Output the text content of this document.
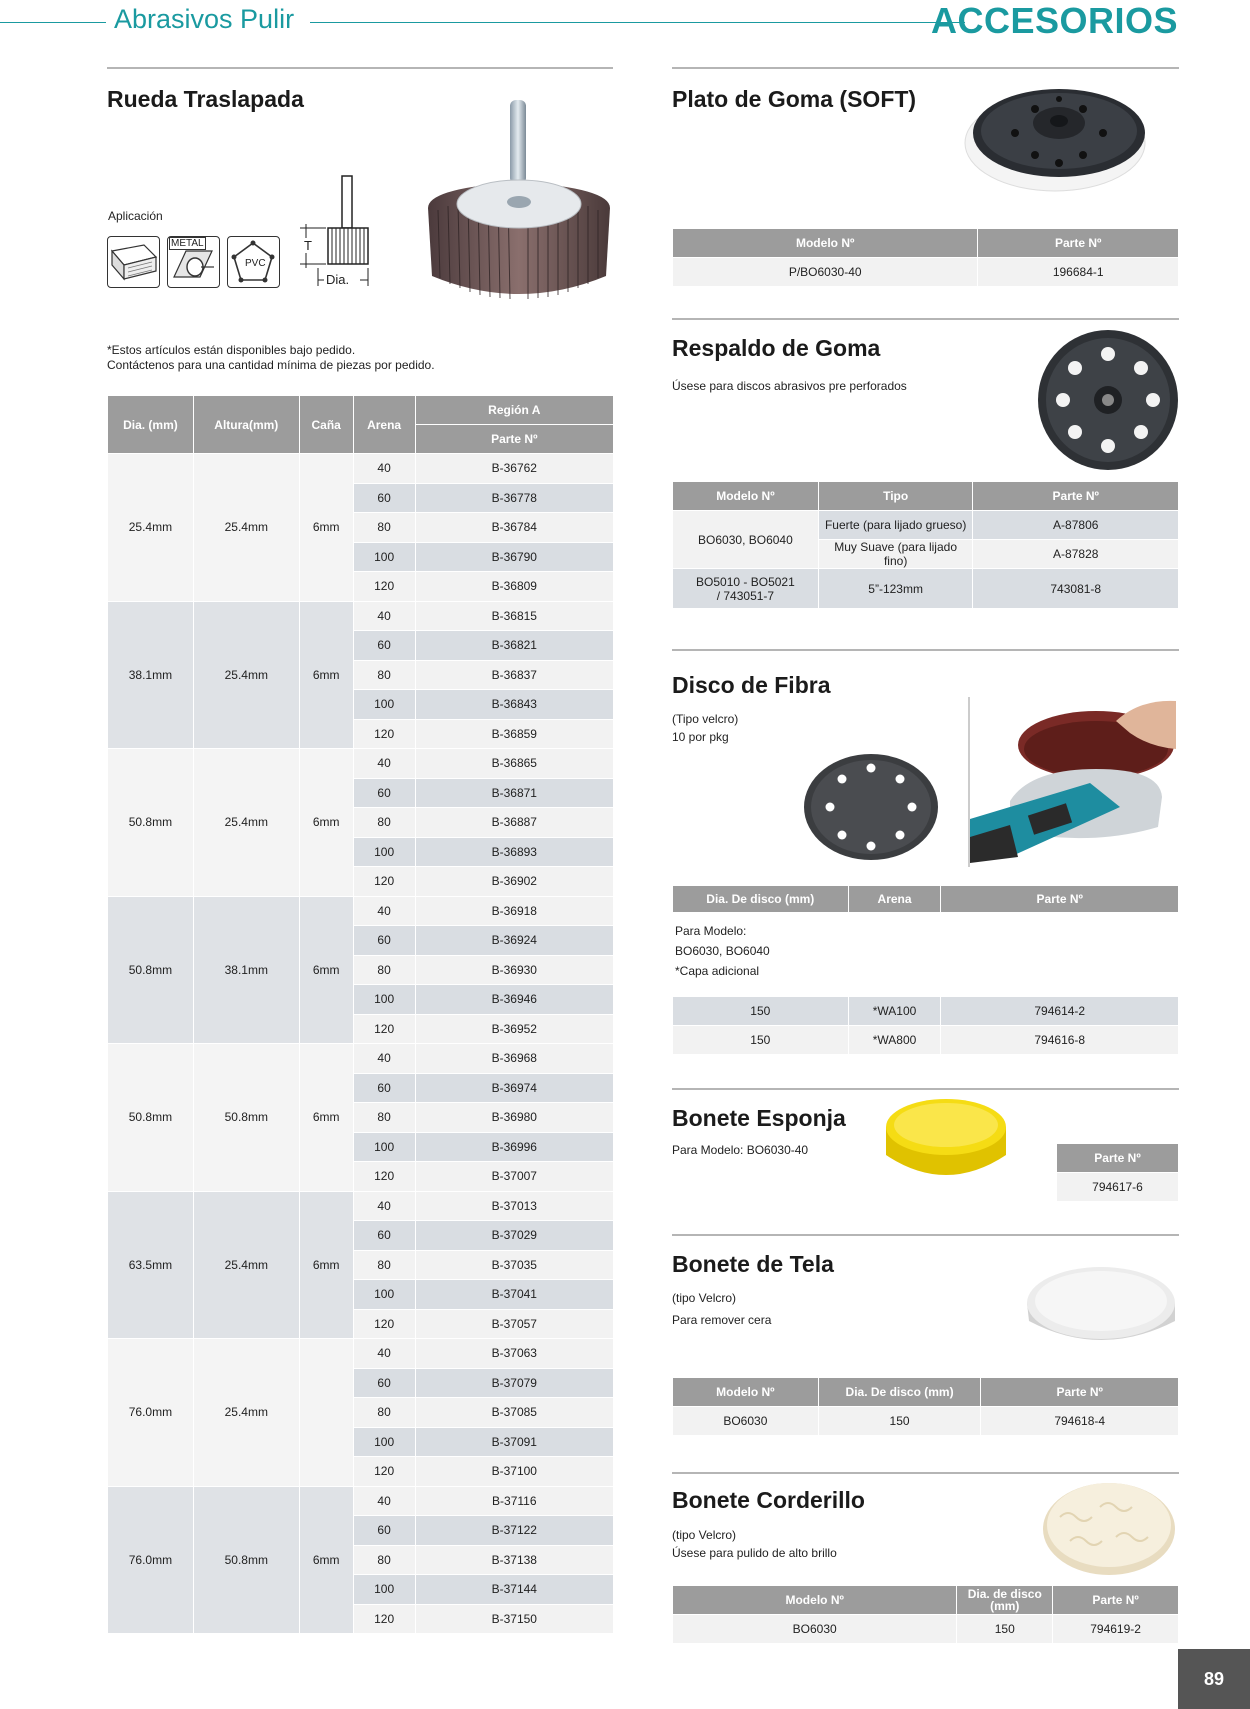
Abrasivos Pulir	ACCESORIOS
Rueda Traslapada
Aplicación
METAL
PVC
T
Dia.
*Estos artículos están disponibles bajo pedido.
Contáctenos para una cantidad mínima de piezas por pedido.
Dia. (mm)	Altura(mm)	Caña	Arena	Región A
				Parte Nº
25.4mm	25.4mm	6mm	40	B-36762
			60	B-36778
			80	B-36784
			100	B-36790
			120	B-36809
38.1mm	25.4mm	6mm	40	B-36815
			60	B-36821
			80	B-36837
			100	B-36843
			120	B-36859
50.8mm	25.4mm	6mm	40	B-36865
			60	B-36871
			80	B-36887
			100	B-36893
			120	B-36902
50.8mm	38.1mm	6mm	40	B-36918
			60	B-36924
			80	B-36930
			100	B-36946
			120	B-36952
50.8mm	50.8mm	6mm	40	B-36968
			60	B-36974
			80	B-36980
			100	B-36996
			120	B-37007
63.5mm	25.4mm	6mm	40	B-37013
			60	B-37029
			80	B-37035
			100	B-37041
			120	B-37057
76.0mm	25.4mm		40	B-37063
			60	B-37079
			80	B-37085
			100	B-37091
			120	B-37100
76.0mm	50.8mm	6mm	40	B-37116
			60	B-37122
			80	B-37138
			100	B-37144
			120	B-37150
Plato de Goma (SOFT)
Modelo Nº	Parte Nº
P/BO6030-40	196684-1
Respaldo de Goma
Úsese para discos abrasivos pre perforados
Modelo Nº	Tipo	Parte Nº
BO6030, BO6040	Fuerte (para lijado grueso)	A-87806
	Muy Suave (para lijado fino)	A-87828
BO5010 - BO5021 / 743051-7	5”-123mm	743081-8
Disco de Fibra
(Tipo velcro)
10 por pkg
Dia. De disco (mm)	Arena	Parte Nº

Para Modelo:
BO6030, BO6040
*Capa adicional		

150	*WA100	794614-2
150	*WA800	794616-8
Bonete Esponja
Para Modelo: BO6030-40
Parte Nº
794617-6
Bonete de Tela
(tipo Velcro)
Para remover cera
Modelo Nº	Dia. De disco (mm)	Parte Nº
BO6030	150	794618-4
Bonete Corderillo
(tipo Velcro)
Úsese para pulido de alto brillo
Modelo Nº	Dia. de disco (mm)	Parte Nº
BO6030	150	794619-2
89
